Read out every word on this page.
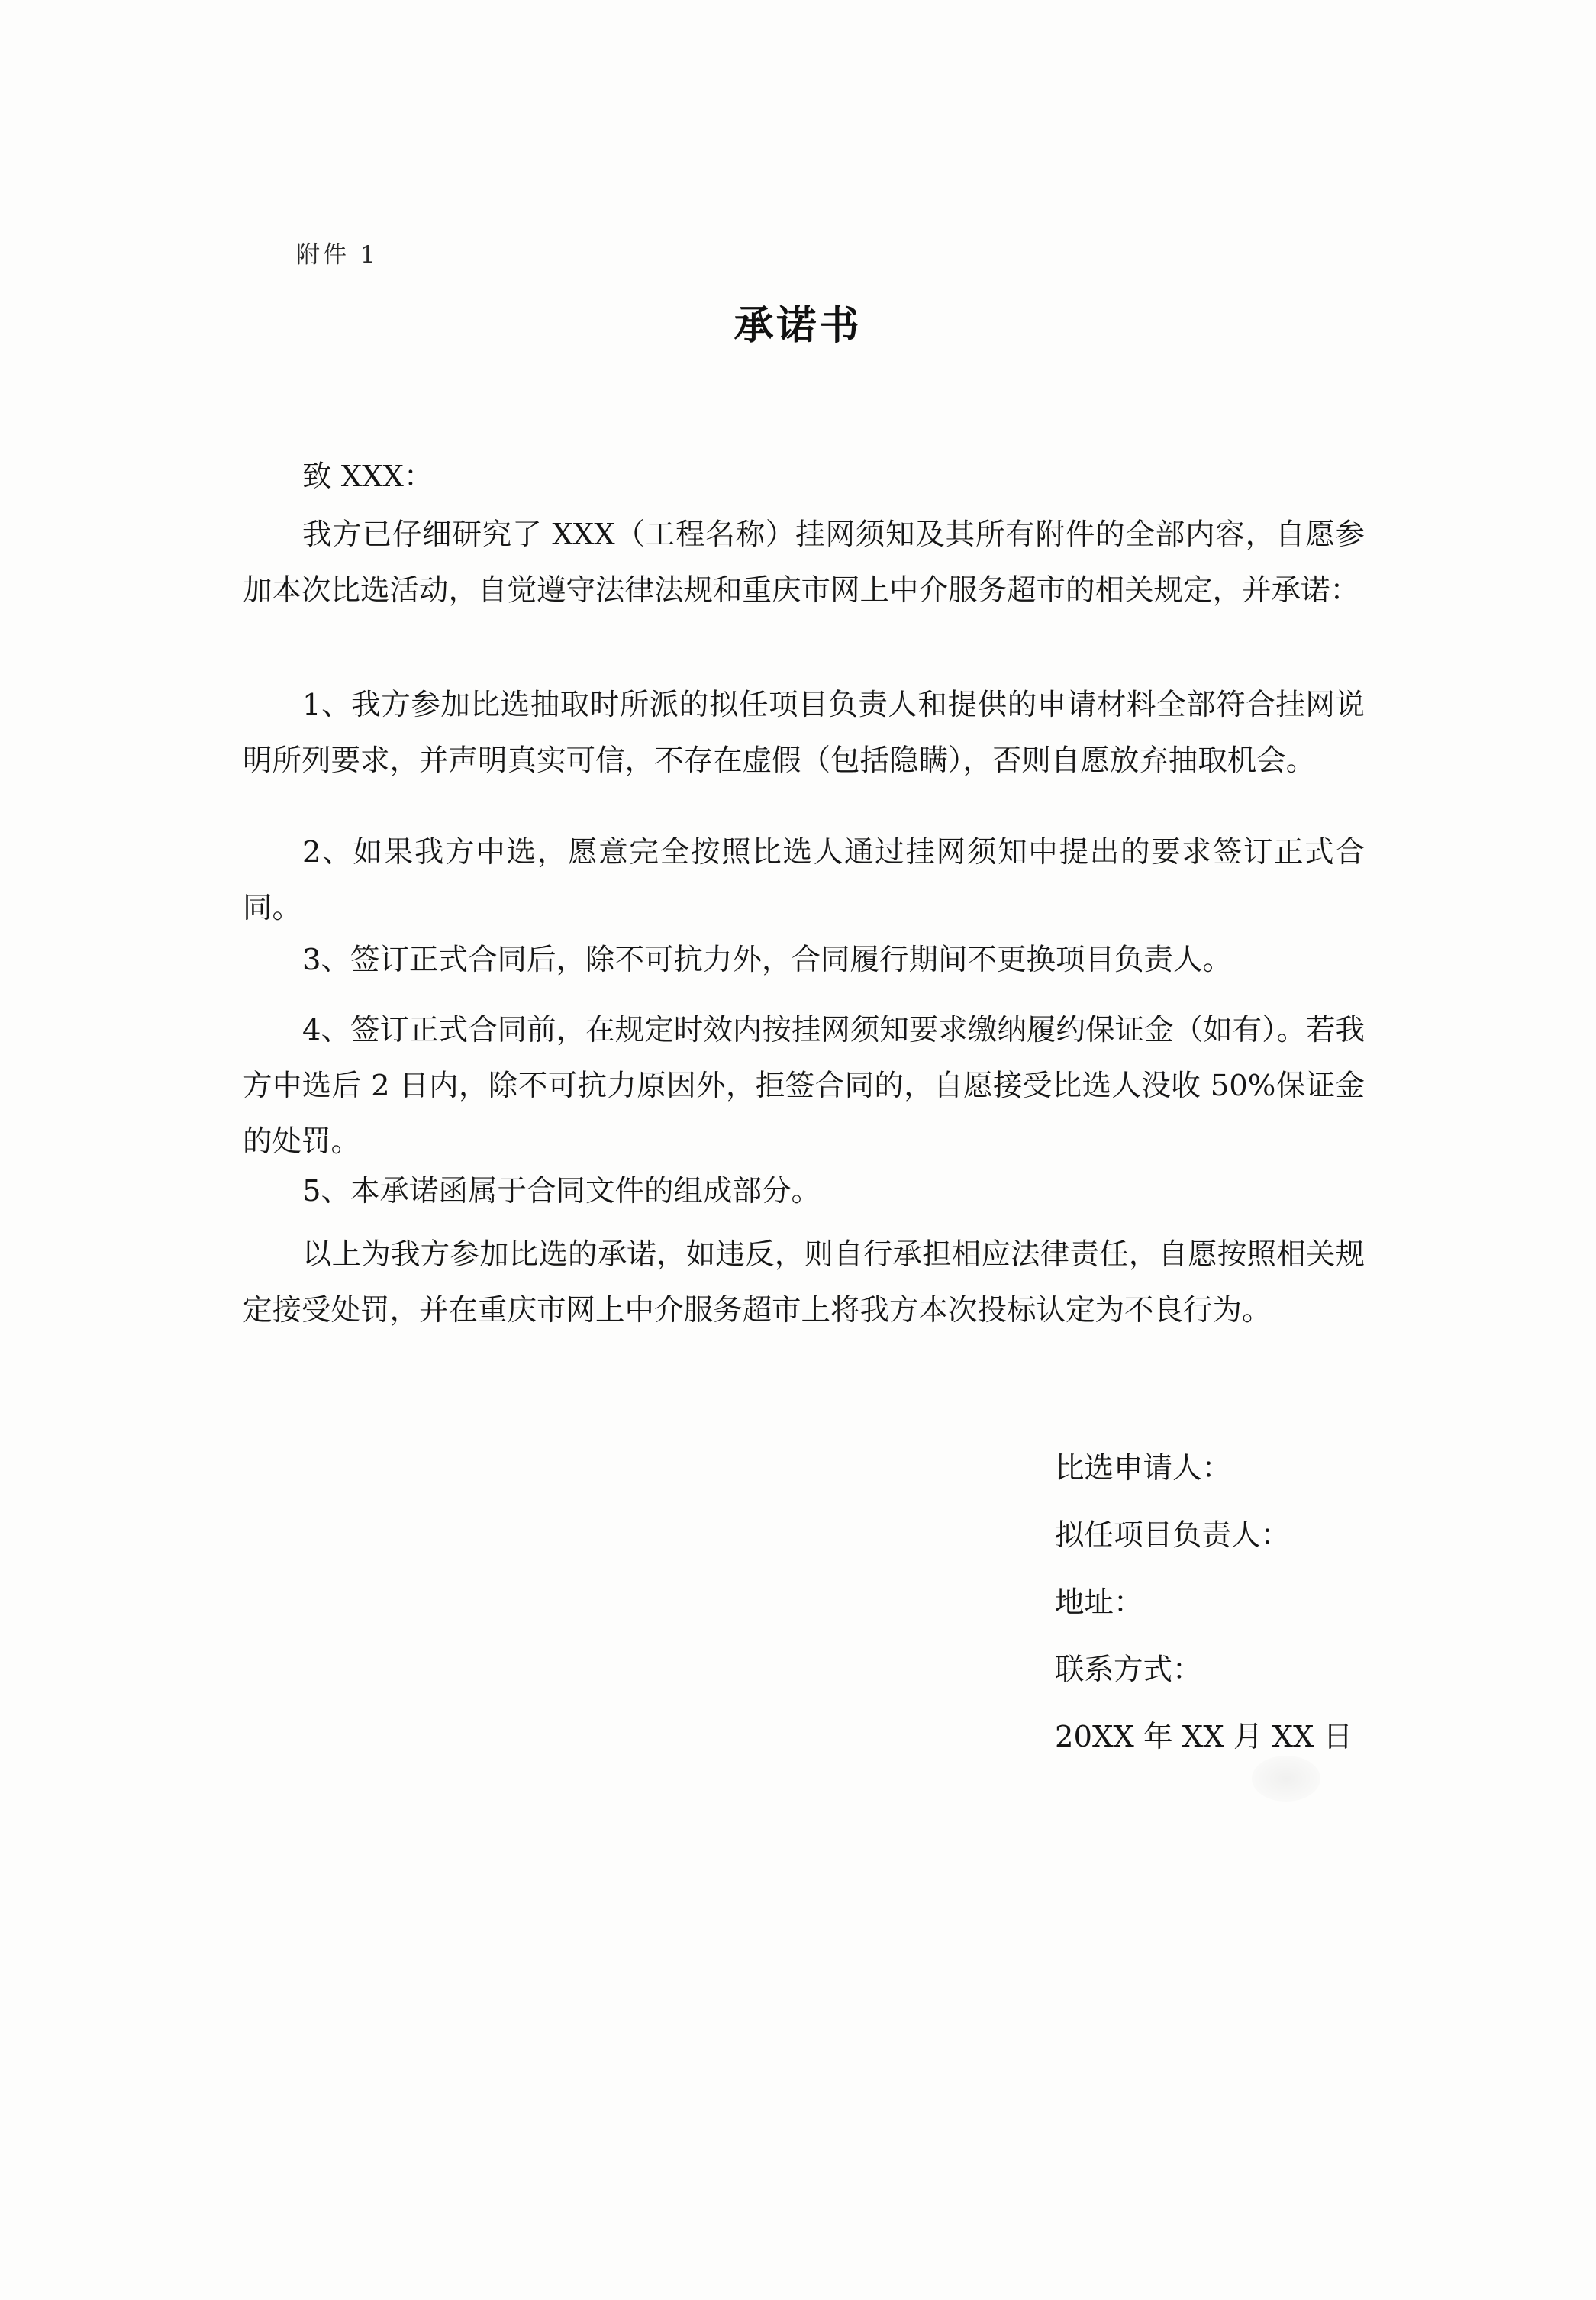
附件 1
承诺书
致 XXX：

我方已仔细研究了 XXX（工程名称）挂网须知及其所有附件的全部内容，自愿参加本次比选活动，自觉遵守法律法规和重庆市网上中介服务超市的相关规定，并承诺：

1、我方参加比选抽取时所派的拟任项目负责人和提供的申请材料全部符合挂网说明所列要求，并声明真实可信，不存在虚假（包括隐瞒），否则自愿放弃抽取机会。

2、如果我方中选，愿意完全按照比选人通过挂网须知中提出的要求签订正式合同。

3、签订正式合同后，除不可抗力外，合同履行期间不更换项目负责人。

4、签订正式合同前，在规定时效内按挂网须知要求缴纳履约保证金（如有）。若我方中选后 2 日内，除不可抗力原因外，拒签合同的，自愿接受比选人没收 50%保证金的处罚。

5、本承诺函属于合同文件的组成部分。

以上为我方参加比选的承诺，如违反，则自行承担相应法律责任，自愿按照相关规定接受处罚，并在重庆市网上中介服务超市上将我方本次投标认定为不良行为。

比选申请人：
拟任项目负责人：
地址：
联系方式：
20XX 年 XX 月 XX 日
